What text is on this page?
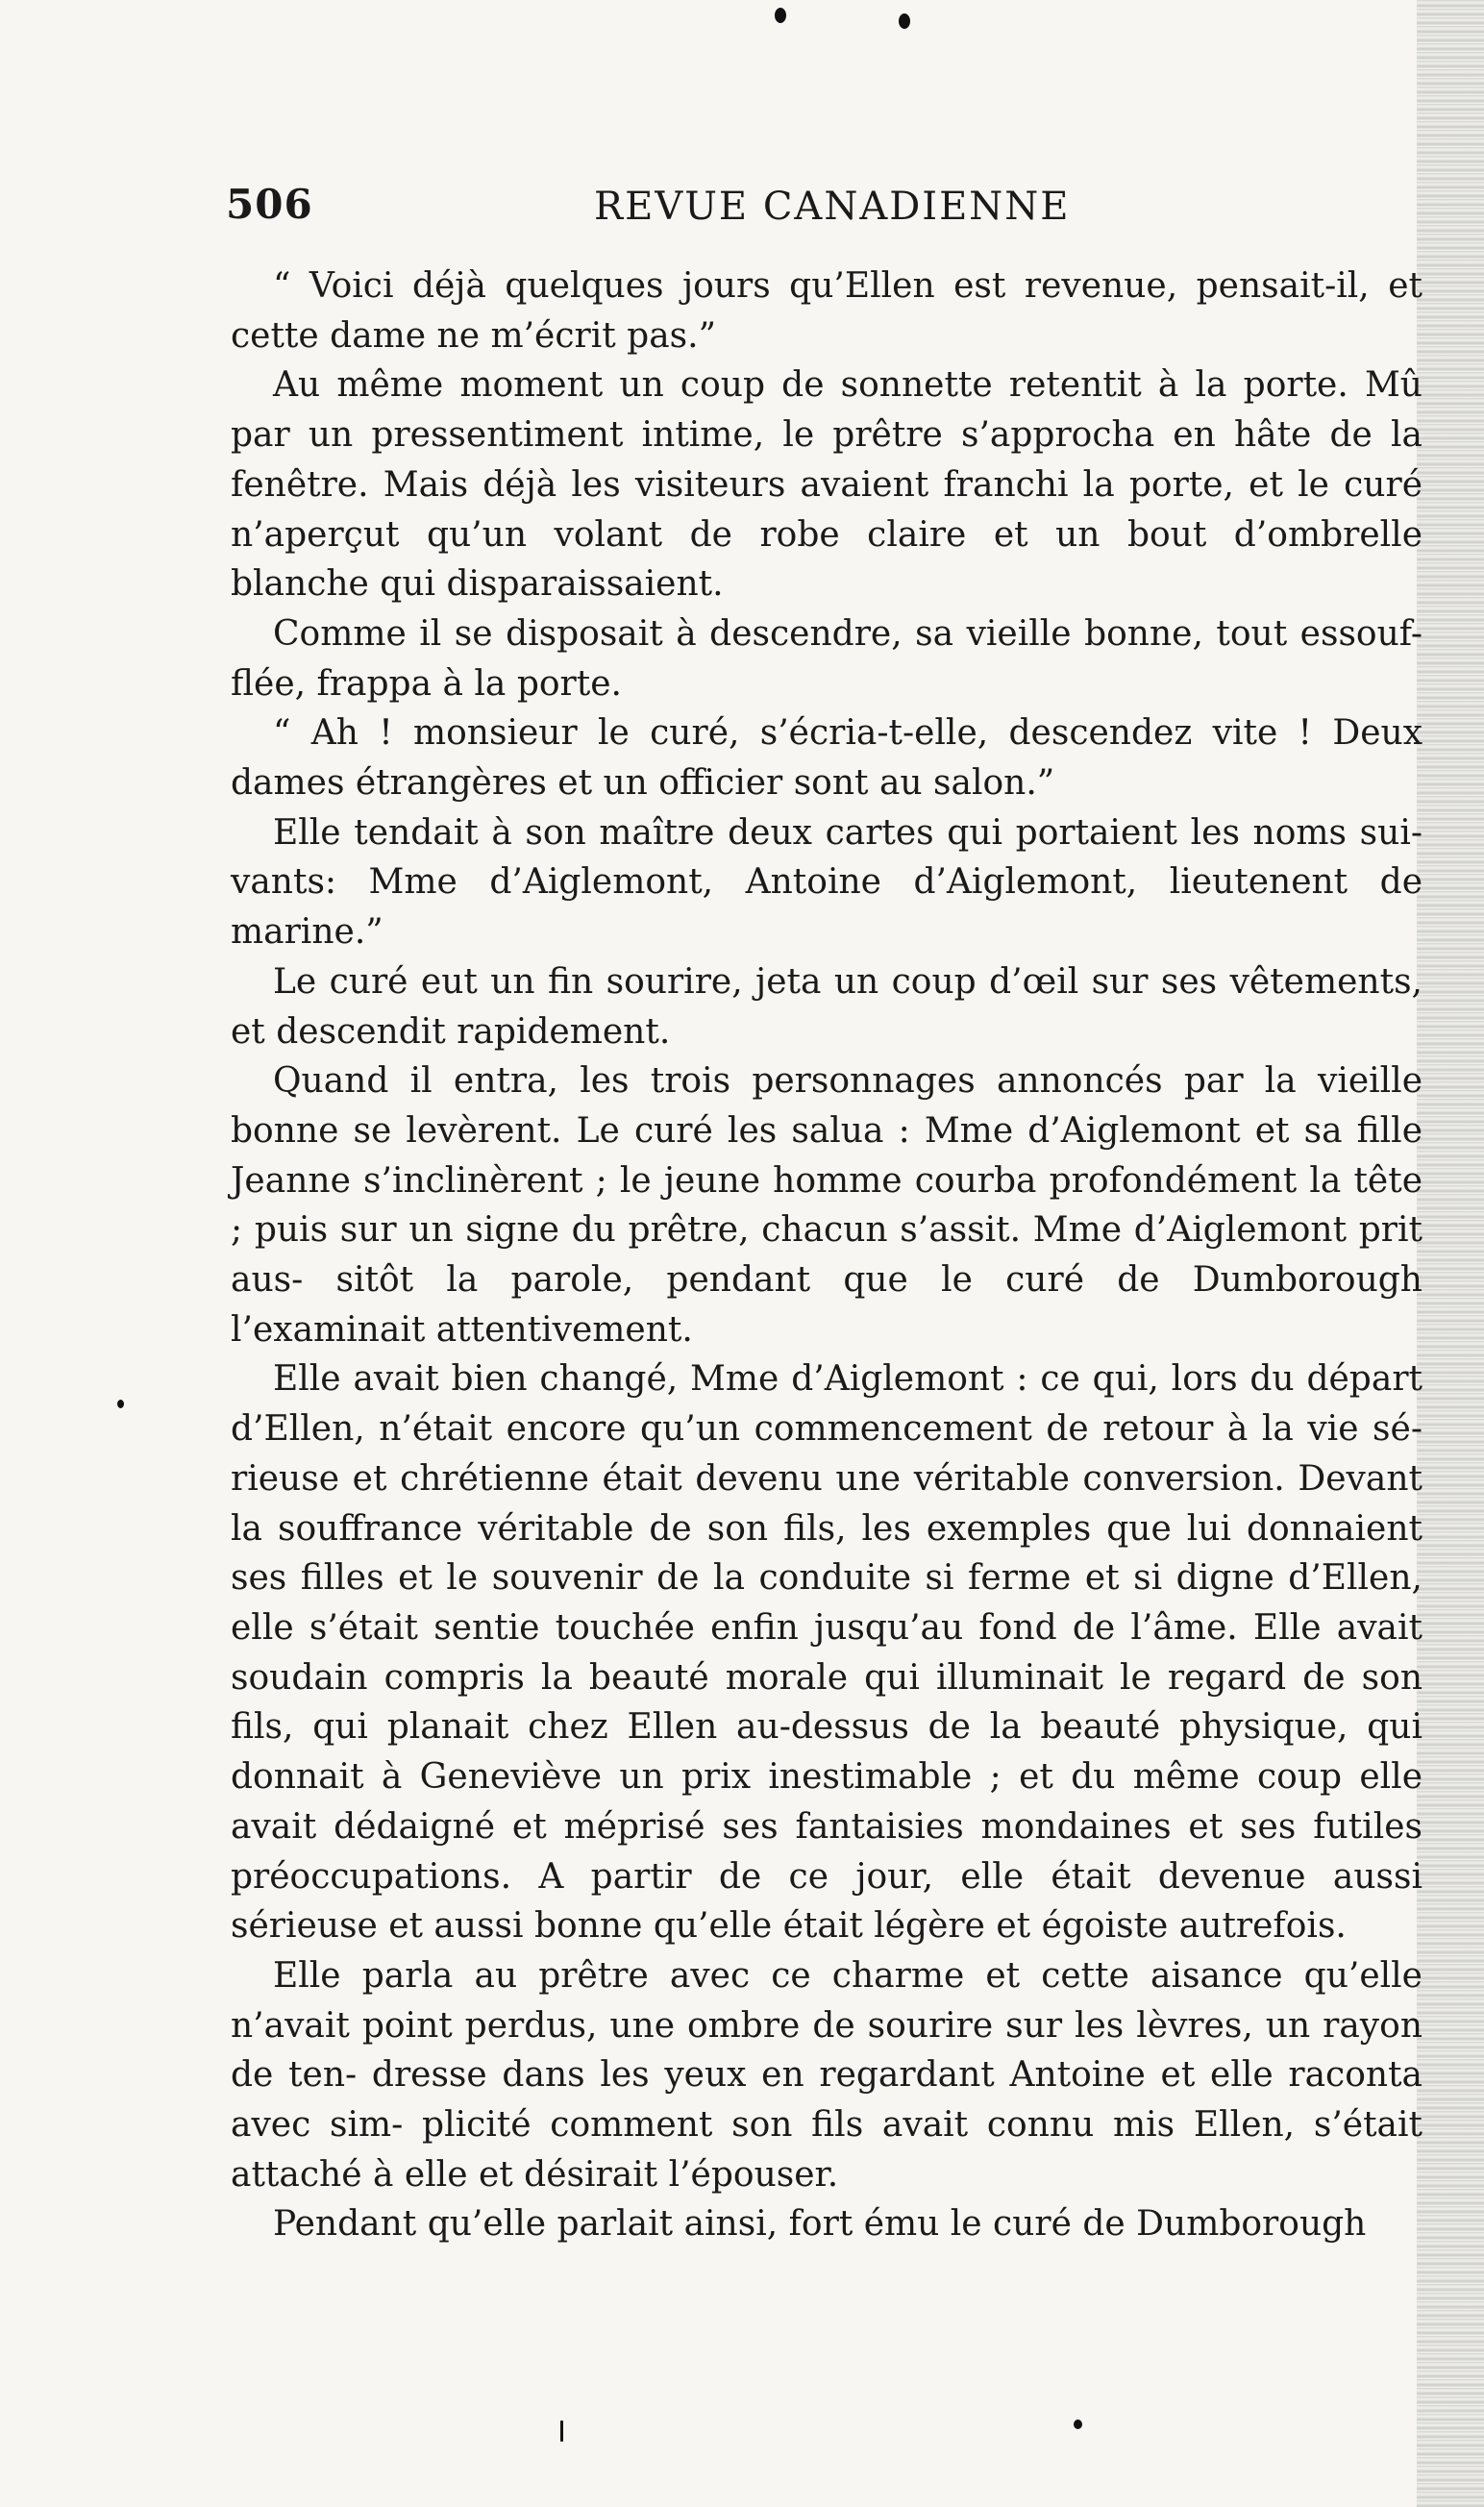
506	REVUE CANADIENNE

“ Voici déjà quelques jours qu’Ellen est revenue, pensait-il, et cette dame ne m’écrit pas.”

Au même moment un coup de sonnette retentit à la porte. Mû par un pressentiment intime, le prêtre s’approcha en hâte de la fenêtre. Mais déjà les visiteurs avaient franchi la porte, et le curé n’aperçut qu’un volant de robe claire et un bout d’ombrelle blanche qui disparaissaient.

Comme il se disposait à descendre, sa vieille bonne, tout essouf- flée, frappa à la porte.

“ Ah ! monsieur le curé, s’écria-t-elle, descendez vite ! Deux dames étrangères et un officier sont au salon.”

Elle tendait à son maître deux cartes qui portaient les noms sui- vants: Mme d’Aiglemont, Antoine d’Aiglemont, lieutenent de marine.”

Le curé eut un fin sourire, jeta un coup d’œil sur ses vêtements, et descendit rapidement.

Quand il entra, les trois personnages annoncés par la vieille bonne se levèrent. Le curé les salua : Mme d’Aiglemont et sa fille Jeanne s’inclinèrent ; le jeune homme courba profondément la tête ; puis sur un signe du prêtre, chacun s’assit. Mme d’Aiglemont prit aus- sitôt la parole, pendant que le curé de Dumborough l’examinait attentivement.

Elle avait bien changé, Mme d’Aiglemont : ce qui, lors du départ d’Ellen, n’était encore qu’un commencement de retour à la vie sé- rieuse et chrétienne était devenu une véritable conversion. Devant la souffrance véritable de son fils, les exemples que lui donnaient ses filles et le souvenir de la conduite si ferme et si digne d’Ellen, elle s’était sentie touchée enfin jusqu’au fond de l’âme. Elle avait soudain compris la beauté morale qui illuminait le regard de son fils, qui planait chez Ellen au-dessus de la beauté physique, qui donnait à Geneviève un prix inestimable ; et du même coup elle avait dédaigné et méprisé ses fantaisies mondaines et ses futiles préoccupations. A partir de ce jour, elle était devenue aussi sérieuse et aussi bonne qu’elle était légère et égoiste autrefois.

Elle parla au prêtre avec ce charme et cette aisance qu’elle n’avait point perdus, une ombre de sourire sur les lèvres, un rayon de ten- dresse dans les yeux en regardant Antoine et elle raconta avec sim- plicité comment son fils avait connu mis Ellen, s’était attaché à elle et désirait l’épouser.

Pendant qu’elle parlait ainsi, fort ému le curé de Dumborough
